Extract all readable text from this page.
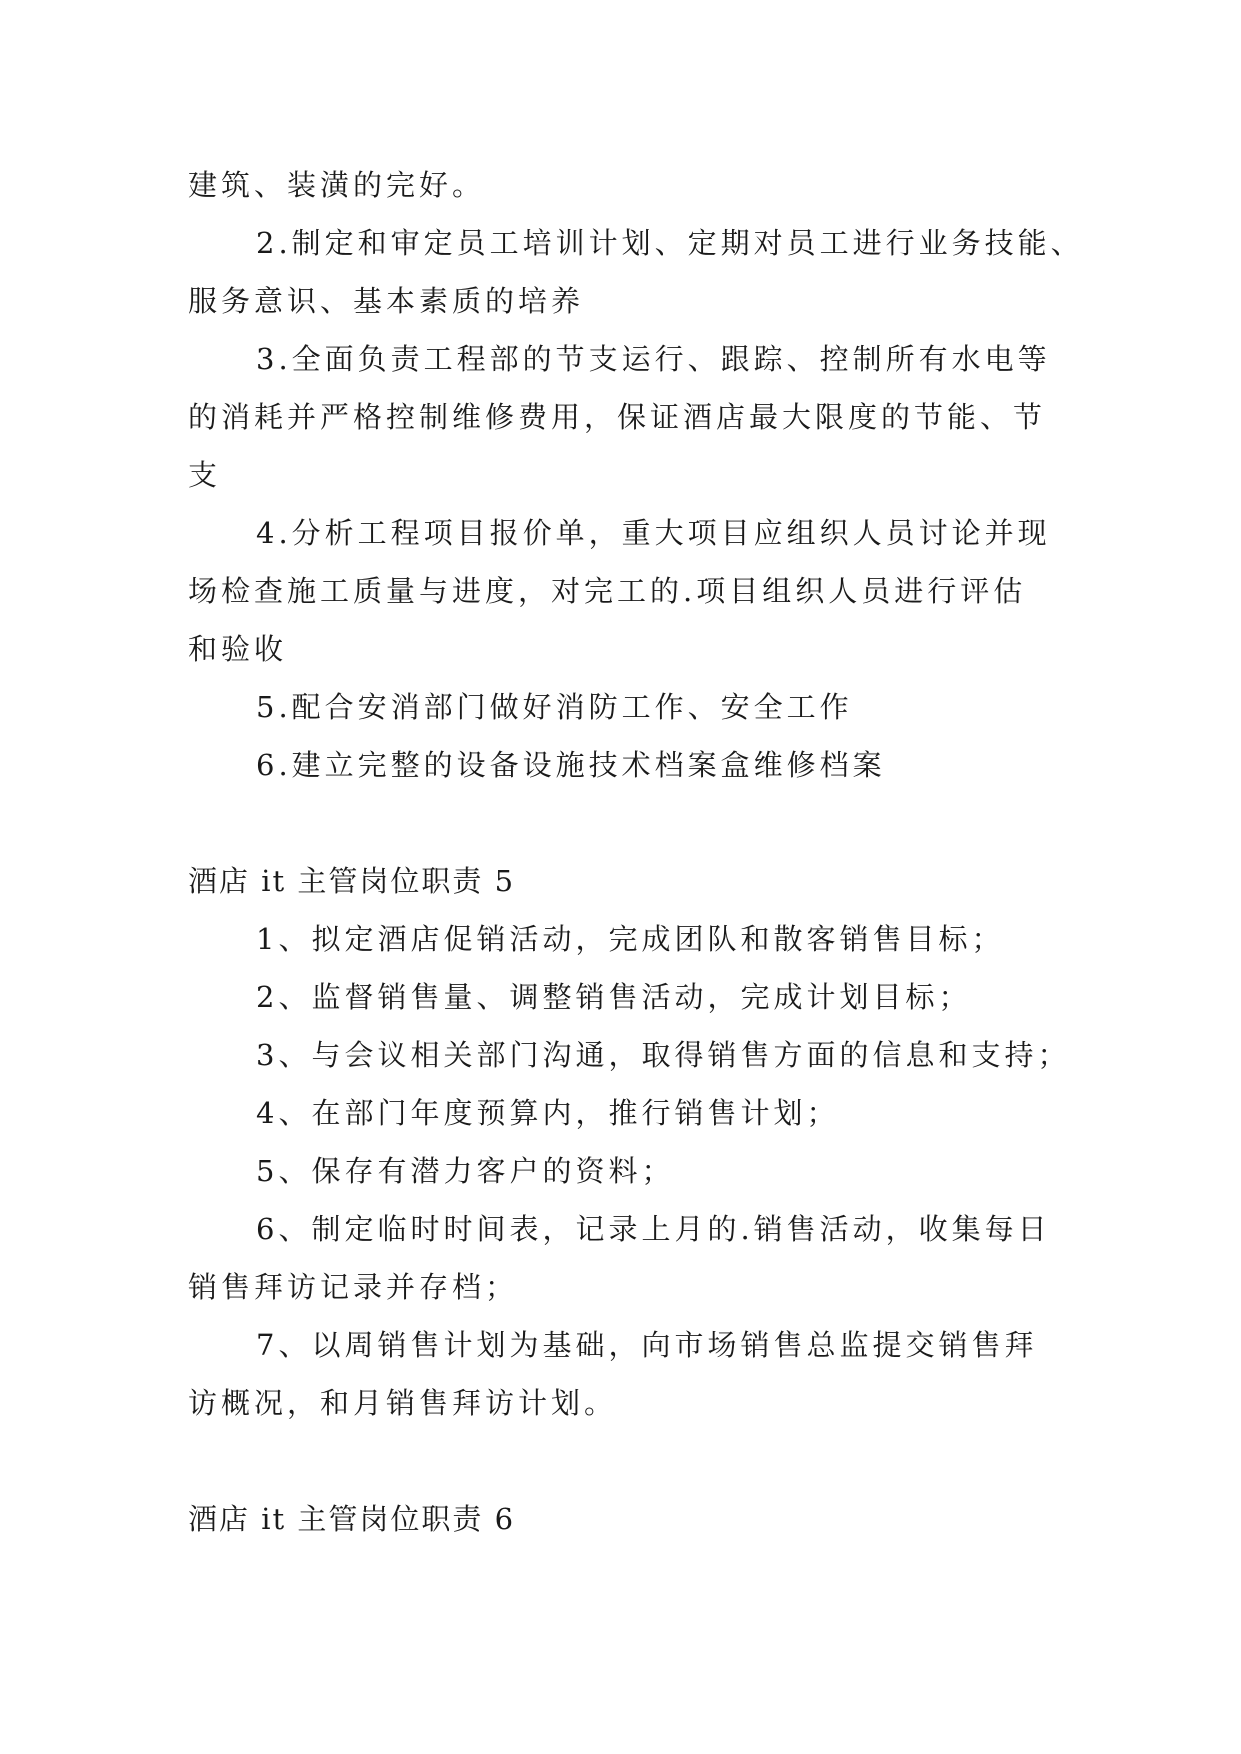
建筑、装潢的完好。
2.制定和审定员工培训计划、定期对员工进行业务技能、
服务意识、基本素质的培养
3.全面负责工程部的节支运行、跟踪、控制所有水电等
的消耗并严格控制维修费用，保证酒店最大限度的节能、节
支
4.分析工程项目报价单，重大项目应组织人员讨论并现
场检查施工质量与进度，对完工的.项目组织人员进行评估
和验收
5.配合安消部门做好消防工作、安全工作
6.建立完整的设备设施技术档案盒维修档案
酒店 it 主管岗位职责 5
1、拟定酒店促销活动，完成团队和散客销售目标；
2、监督销售量、调整销售活动，完成计划目标；
3、与会议相关部门沟通，取得销售方面的信息和支持；
4、在部门年度预算内，推行销售计划；
5、保存有潜力客户的资料；
6、制定临时时间表，记录上月的.销售活动，收集每日
销售拜访记录并存档；
7、以周销售计划为基础，向市场销售总监提交销售拜
访概况，和月销售拜访计划。
酒店 it 主管岗位职责 6
